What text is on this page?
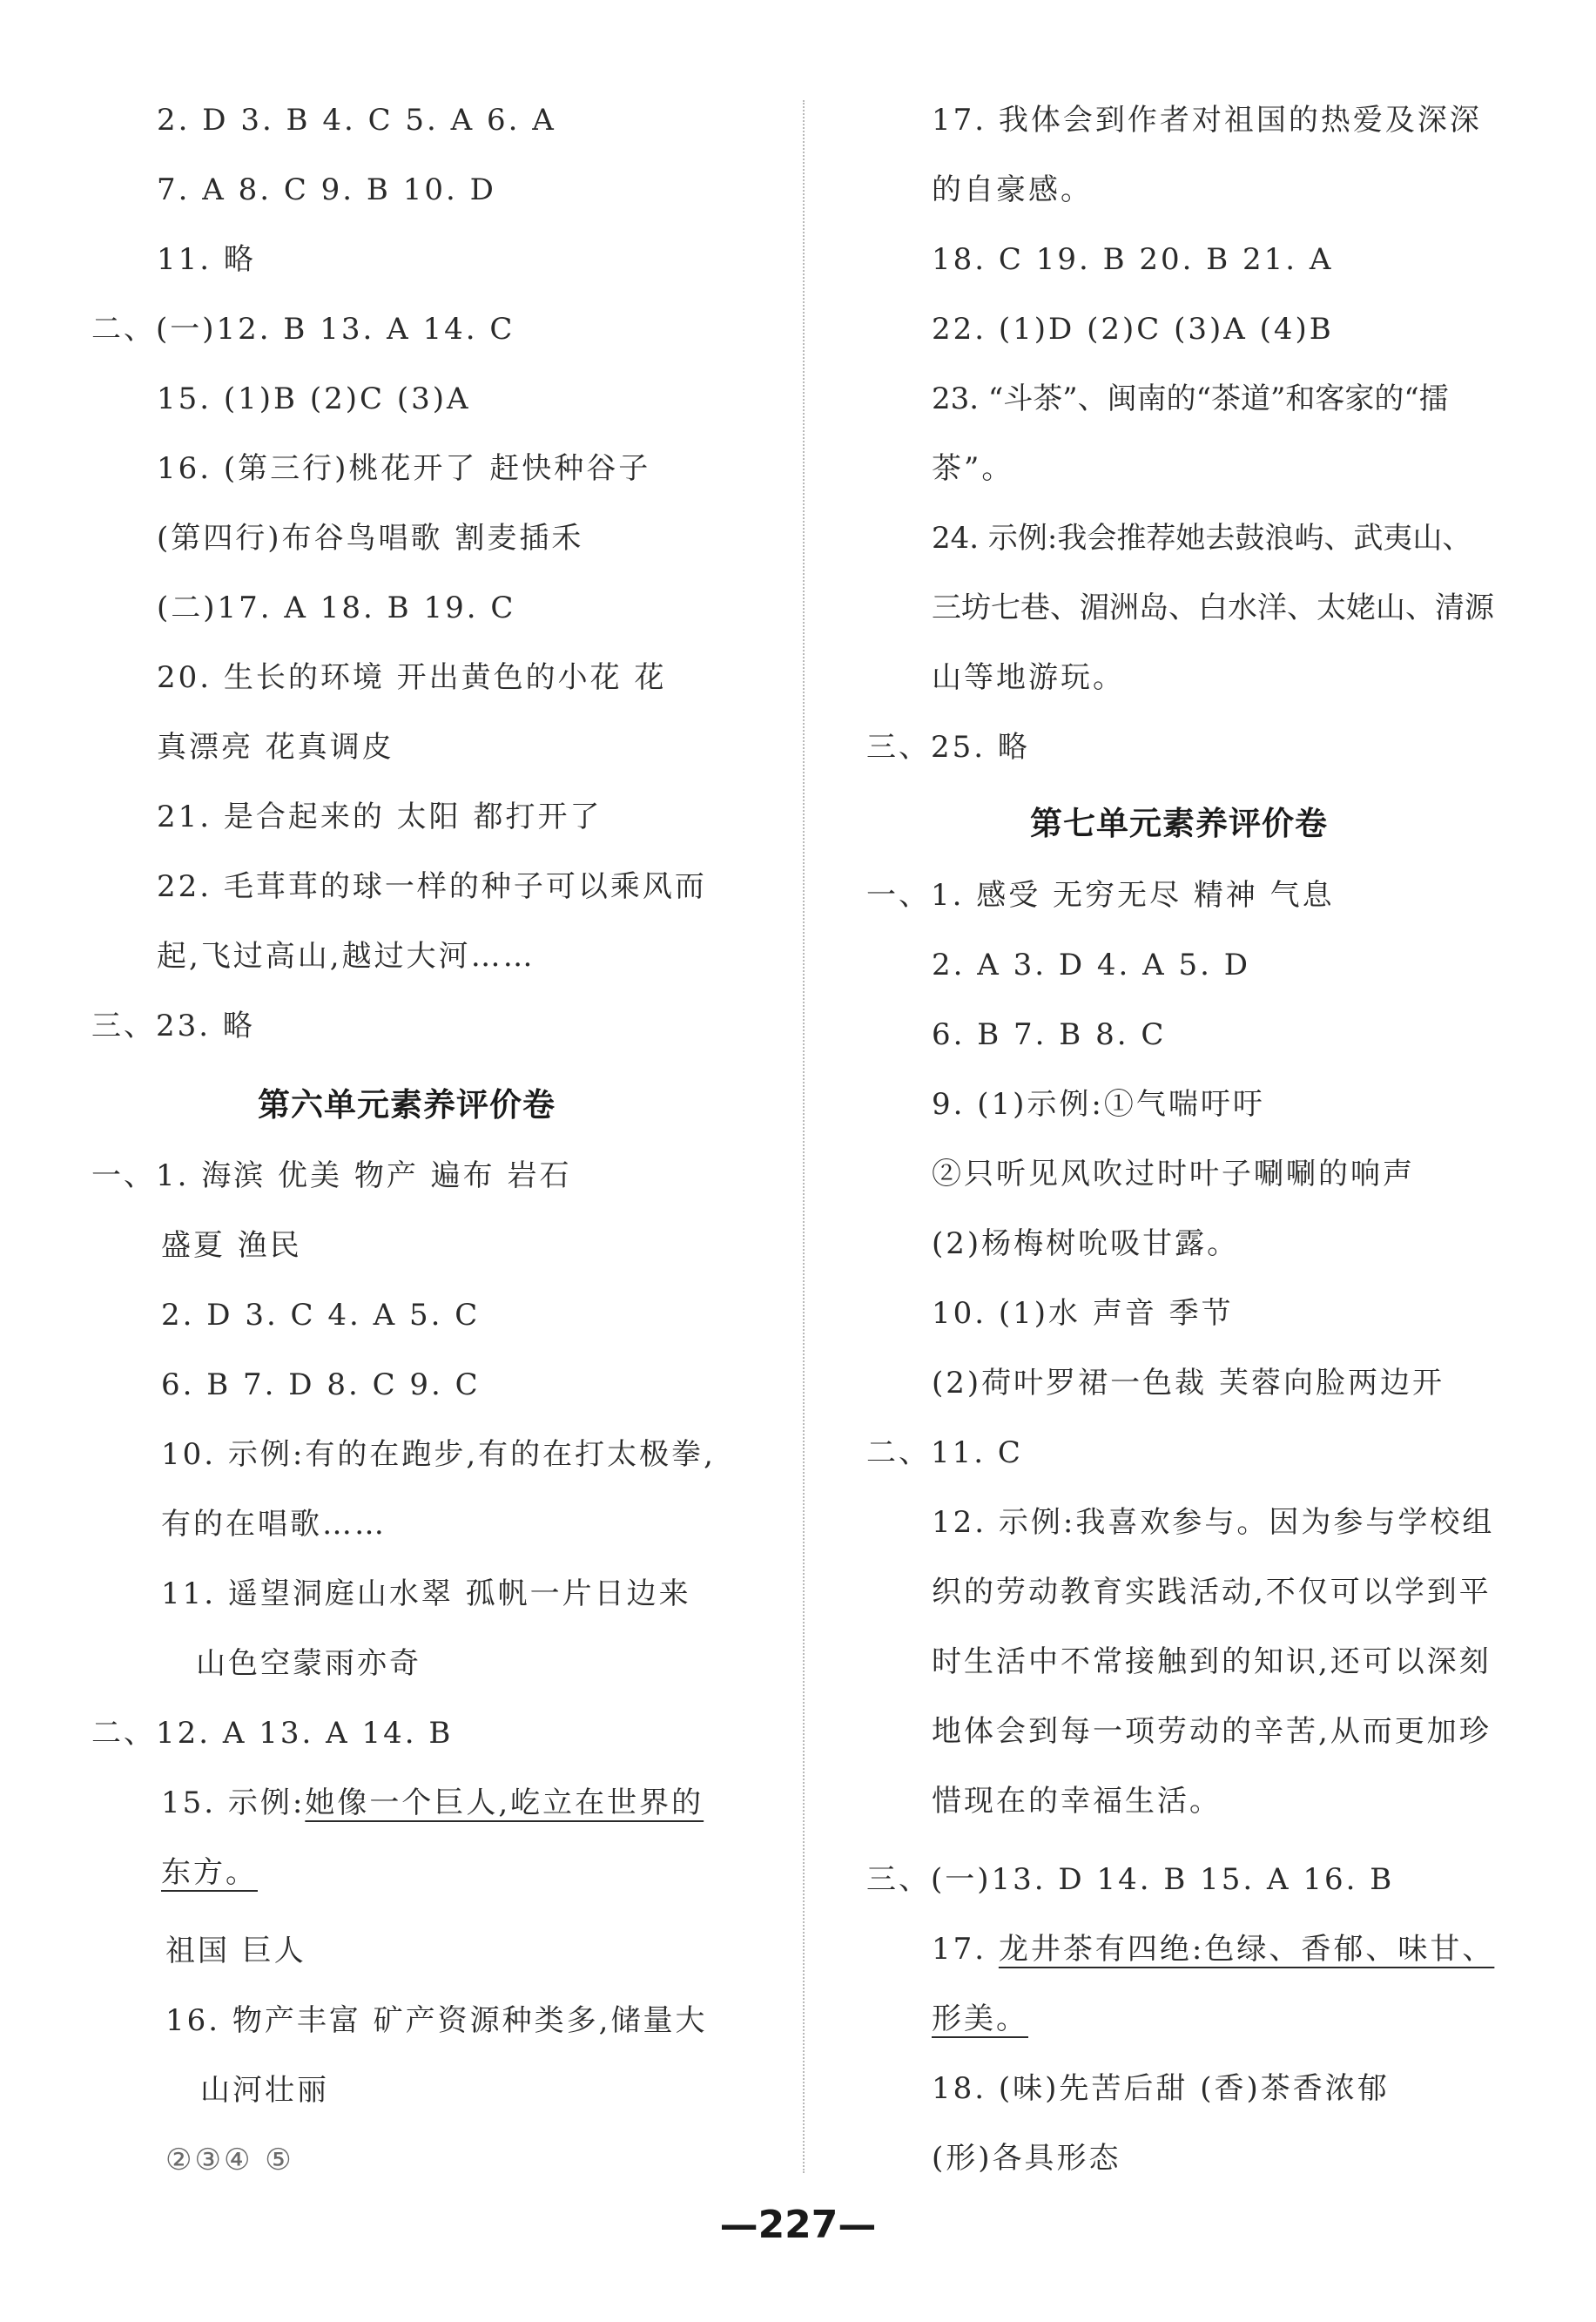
2. D 3. B 4. C 5. A 6. A
7. A 8. C 9. B 10. D
11. 略
二、(一)12. B 13. A 14. C
15. (1)B (2)C (3)A
16. (第三行)桃花开了 赶快种谷子
(第四行)布谷鸟唱歌 割麦插禾
(二)17. A 18. B 19. C
20. 生长的环境 开出黄色的小花 花
真漂亮 花真调皮
21. 是合起来的 太阳 都打开了
22. 毛茸茸的球一样的种子可以乘风而
起,飞过高山,越过大河……
三、23. 略
第六单元素养评价卷
一、1. 海滨 优美 物产 遍布 岩石
盛夏 渔民
2. D 3. C 4. A 5. C
6. B 7. D 8. C 9. C
10. 示例:有的在跑步,有的在打太极拳,
有的在唱歌……
11. 遥望洞庭山水翠 孤帆一片日边来
山色空蒙雨亦奇
二、12. A 13. A 14. B
15. 示例:她像一个巨人,屹立在世界的
东方。
祖国 巨人
16. 物产丰富 矿产资源种类多,储量大
山河壮丽
②③④ ⑤
17. 我体会到作者对祖国的热爱及深深
的自豪感。
18. C 19. B 20. B 21. A
22. (1)D (2)C (3)A (4)B
23. “斗茶”、闽南的“茶道”和客家的“擂
茶”。
24. 示例:我会推荐她去鼓浪屿、武夷山、
三坊七巷、湄洲岛、白水洋、太姥山、清源
山等地游玩。
三、25. 略
第七单元素养评价卷
一、1. 感受 无穷无尽 精神 气息
2. A 3. D 4. A 5. D
6. B 7. B 8. C
9. (1)示例:①气喘吁吁
②只听见风吹过时叶子唰唰的响声
(2)杨梅树吮吸甘露。
10. (1)水 声音 季节
(2)荷叶罗裙一色裁 芙蓉向脸两边开
二、11. C
12. 示例:我喜欢参与。因为参与学校组
织的劳动教育实践活动,不仅可以学到平
时生活中不常接触到的知识,还可以深刻
地体会到每一项劳动的辛苦,从而更加珍
惜现在的幸福生活。
三、(一)13. D 14. B 15. A 16. B
17. 龙井茶有四绝:色绿、香郁、味甘、
形美。
18. (味)先苦后甜 (香)茶香浓郁
(形)各具形态
—227—
